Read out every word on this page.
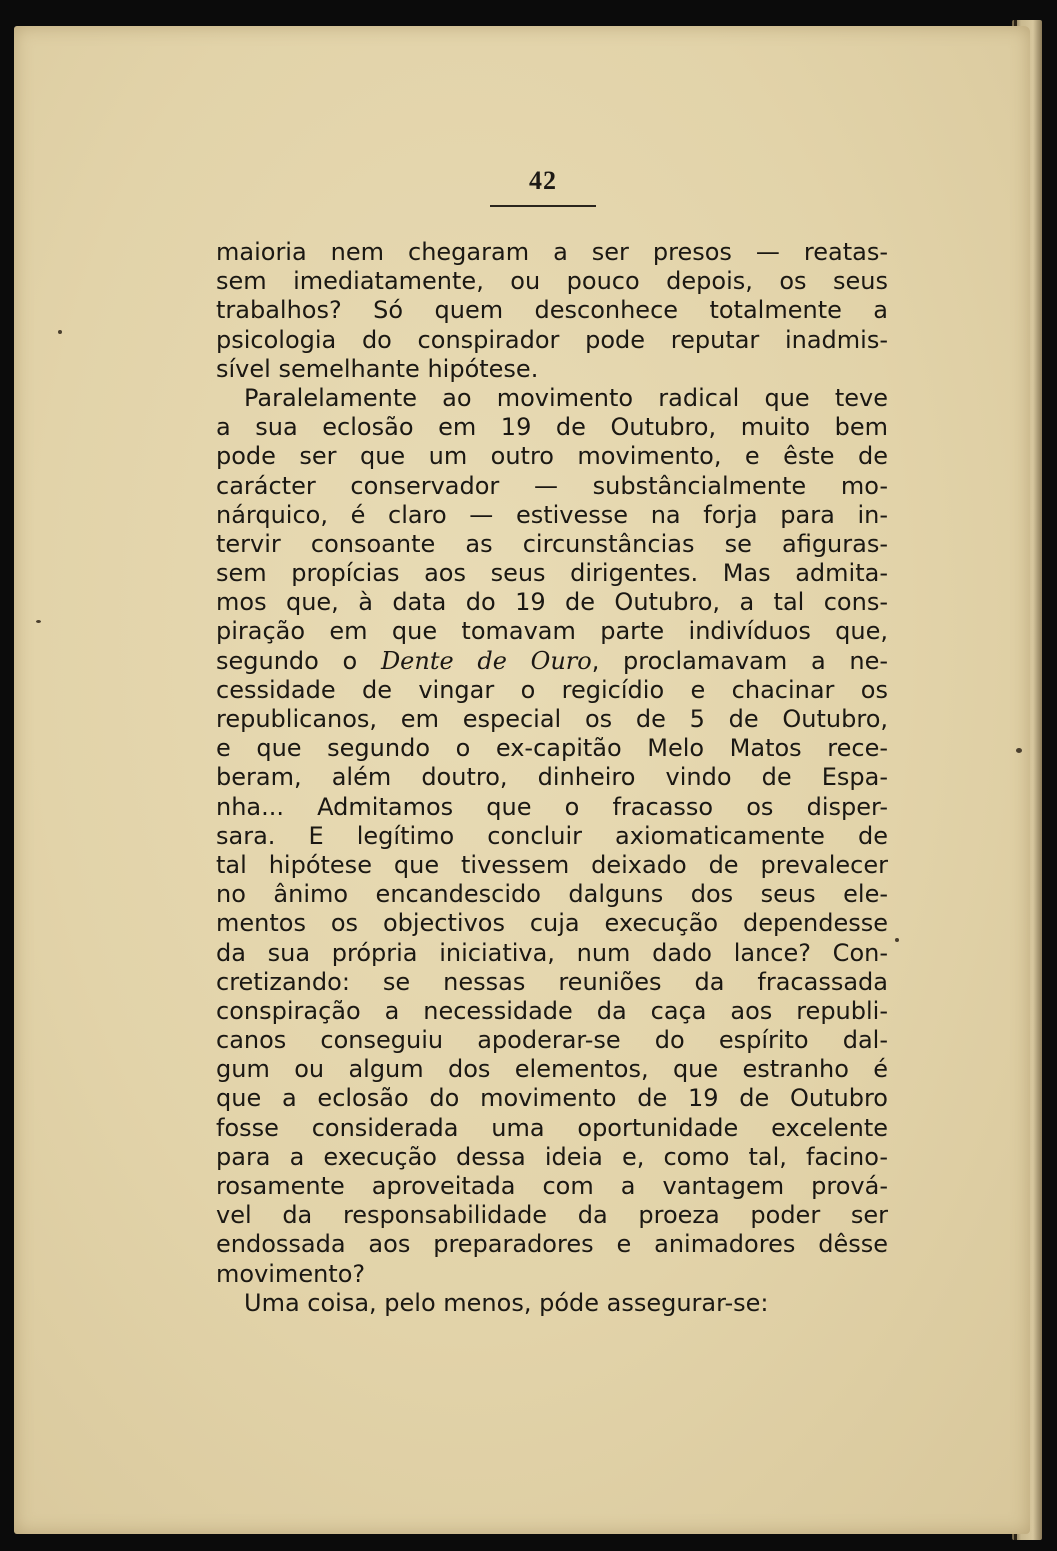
42
maioria nem chegaram a ser presos — reatas-
sem imediatamente, ou pouco depois, os seus
trabalhos? Só quem desconhece totalmente a
psicologia do conspirador pode reputar inadmis-
sível semelhante hipótese.
Paralelamente ao movimento radical que teve
a sua eclosão em 19 de Outubro, muito bem
pode ser que um outro movimento, e êste de
carácter conservador — substâncialmente mo-
nárquico, é claro — estivesse na forja para in-
tervir consoante as circunstâncias se afiguras-
sem propícias aos seus dirigentes. Mas admita-
mos que, à data do 19 de Outubro, a tal cons-
piração em que tomavam parte indivíduos que,
segundo o Dente de Ouro, proclamavam a ne-
cessidade de vingar o regicídio e chacinar os
republicanos, em especial os de 5 de Outubro,
e que segundo o ex-capitão Melo Matos rece-
beram, além doutro, dinheiro vindo de Espa-
nha... Admitamos que o fracasso os disper-
sara. E legítimo concluir axiomaticamente de
tal hipótese que tivessem deixado de prevalecer
no ânimo encandescido dalguns dos seus ele-
mentos os objectivos cuja execução dependesse
da sua própria iniciativa, num dado lance? Con-
cretizando: se nessas reuniões da fracassada
conspiração a necessidade da caça aos republi-
canos conseguiu apoderar-se do espírito dal-
gum ou algum dos elementos, que estranho é
que a eclosão do movimento de 19 de Outubro
fosse considerada uma oportunidade excelente
para a execução dessa ideia e, como tal, facino-
rosamente aproveitada com a vantagem prová-
vel da responsabilidade da proeza poder ser
endossada aos preparadores e animadores dêsse
movimento?
Uma coisa, pelo menos, póde assegurar-se:
